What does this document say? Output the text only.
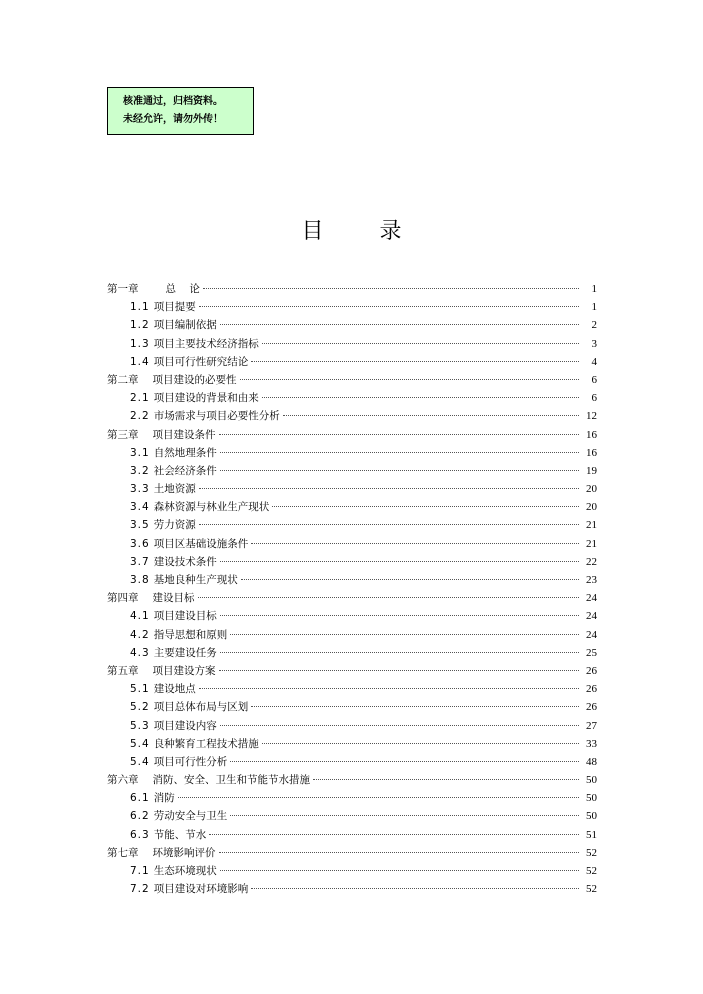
核准通过，归档资料。
未经允许，请勿外传！
目	录
第一章	总    论	1
1.1 项目提要	1
1.2 项目编制依据	2
1.3 项目主要技术经济指标	3
1.4 项目可行性研究结论	4
第二章 项目建设的必要性	6
2.1 项目建设的背景和由来	6
2.2 市场需求与项目必要性分析	12
第三章 项目建设条件	16
3.1 自然地理条件	16
3.2 社会经济条件	19
3.3 土地资源	20
3.4 森林资源与林业生产现状	20
3.5 劳力资源	21
3.6 项目区基础设施条件	21
3.7 建设技术条件	22
3.8 基地良种生产现状	23
第四章 建设目标	24
4.1 项目建设目标	24
4.2 指导思想和原则	24
4.3 主要建设任务	25
第五章 项目建设方案	26
5.1 建设地点	26
5.2 项目总体布局与区划	26
5.3 项目建设内容	27
5.4 良种繁育工程技术措施	33
5.4 项目可行性分析	48
第六章 消防、安全、卫生和节能节水措施	50
6.1 消防	50
6.2 劳动安全与卫生	50
6.3 节能、节水	51
第七章 环境影响评价	52
7.1 生态环境现状	52
7.2 项目建设对环境影响	52
